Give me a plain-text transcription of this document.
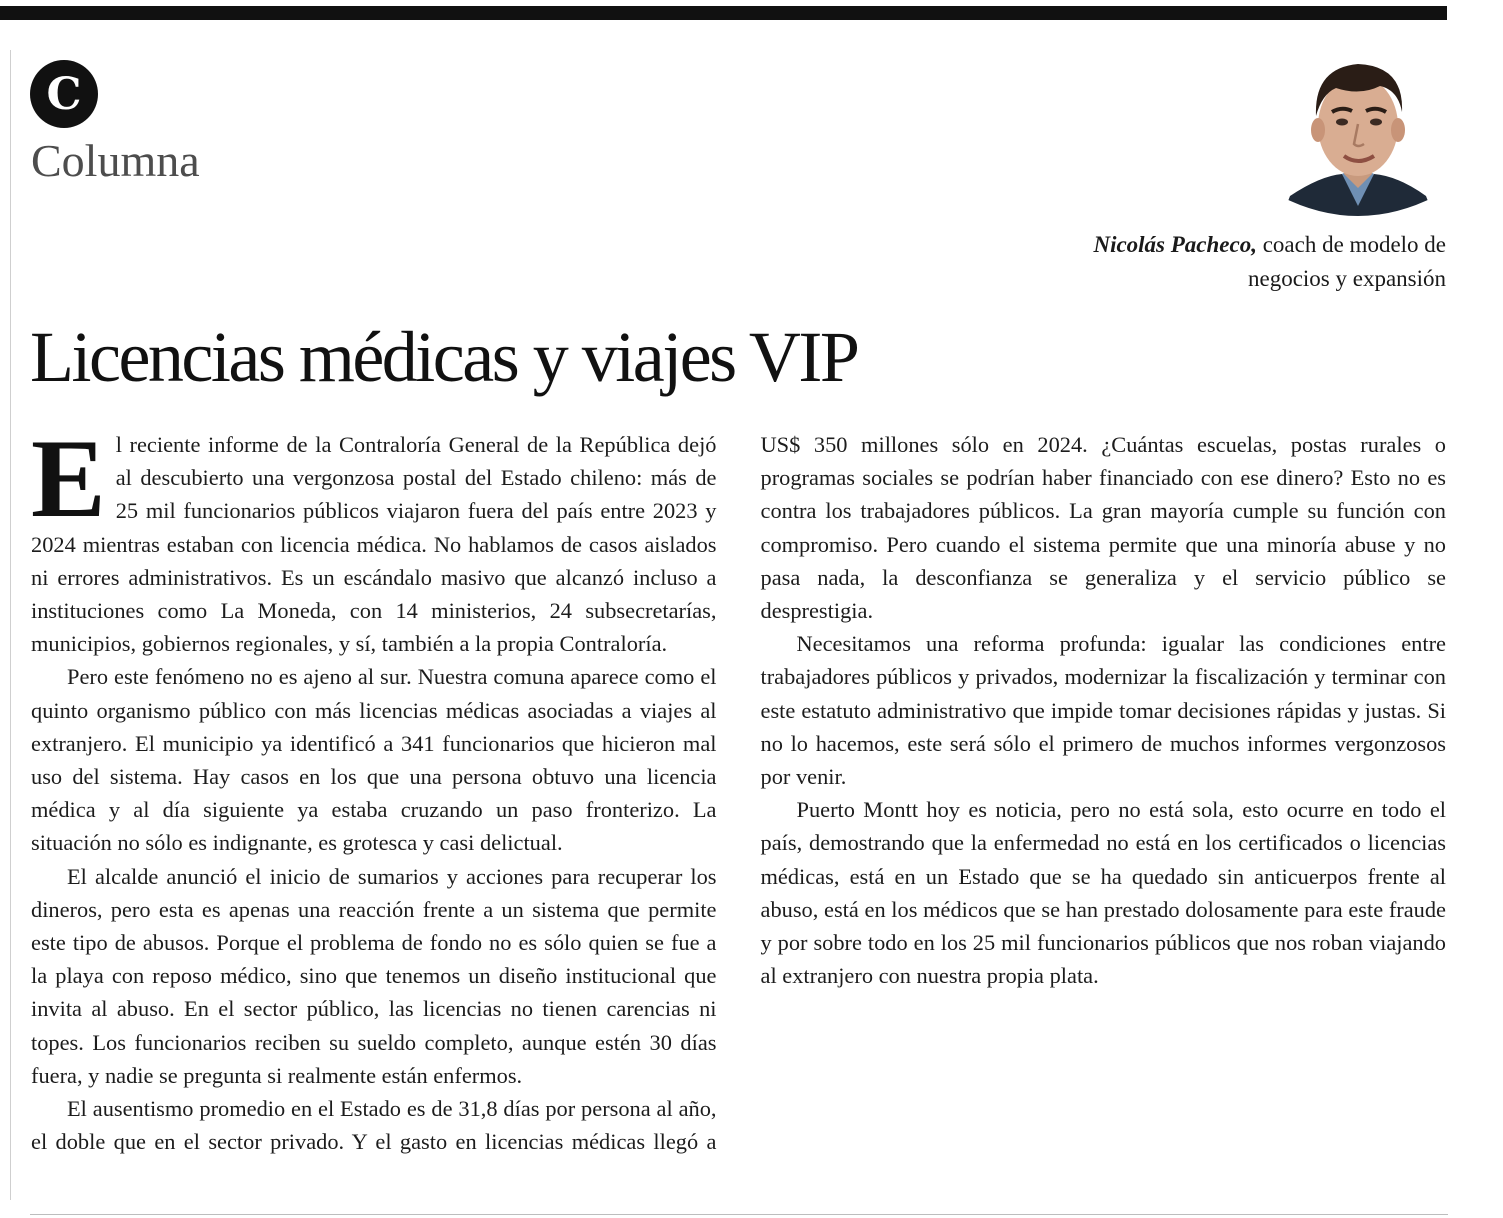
C
Columna
Nicolás Pacheco, coach de modelo de negocios y expansión
Licencias médicas y viajes VIP

El reciente informe de la Contraloría General de la República dejó al descubierto una vergonzosa postal del Estado chileno: más de 25 mil funcionarios públicos viajaron fuera del país entre 2023 y 2024 mientras estaban con licencia médica. No hablamos de casos aislados ni errores administrativos. Es un escándalo masivo que alcanzó incluso a instituciones como La Moneda, con 14 ministerios, 24 subsecretarías, municipios, gobiernos regionales, y sí, también a la propia Contraloría.

Pero este fenómeno no es ajeno al sur. Nuestra comuna aparece como el quinto organismo público con más licencias médicas asociadas a viajes al extranjero. El municipio ya identificó a 341 funcionarios que hicieron mal uso del sistema. Hay casos en los que una persona obtuvo una licencia médica y al día siguiente ya estaba cruzando un paso fronterizo. La situación no sólo es indignante, es grotesca y casi delictual.

El alcalde anunció el inicio de sumarios y acciones para recuperar los dineros, pero esta es apenas una reacción frente a un sistema que permite este tipo de abusos. Porque el problema de fondo no es sólo quien se fue a la playa con reposo médico, sino que tenemos un diseño institucional que invita al abuso. En el sector público, las licencias no tienen carencias ni topes. Los funcionarios reciben su sueldo completo, aunque estén 30 días fuera, y nadie se pregunta si realmente están enfermos.

El ausentismo promedio en el Estado es de 31,8 días por persona al año, el doble que en el sector privado. Y el gasto en licencias médicas llegó a US$ 350 millones sólo en 2024. ¿Cuántas escuelas, postas rurales o programas sociales se podrían haber financiado con ese dinero? Esto no es contra los trabajadores públicos. La gran mayoría cumple su función con compromiso. Pero cuando el sistema permite que una minoría abuse y no pasa nada, la desconfianza se generaliza y el servicio público se desprestigia.

Necesitamos una reforma profunda: igualar las condiciones entre trabajadores públicos y privados, modernizar la fiscalización y terminar con este estatuto administrativo que impide tomar decisiones rápidas y justas. Si no lo hacemos, este será sólo el primero de muchos informes vergonzosos por venir.

Puerto Montt hoy es noticia, pero no está sola, esto ocurre en todo el país, demostrando que la enfermedad no está en los certificados o licencias médicas, está en un Estado que se ha quedado sin anticuerpos frente al abuso, está en los médicos que se han prestado dolosamente para este fraude y por sobre todo en los 25 mil funcionarios públicos que nos roban viajando al extranjero con nuestra propia plata.
